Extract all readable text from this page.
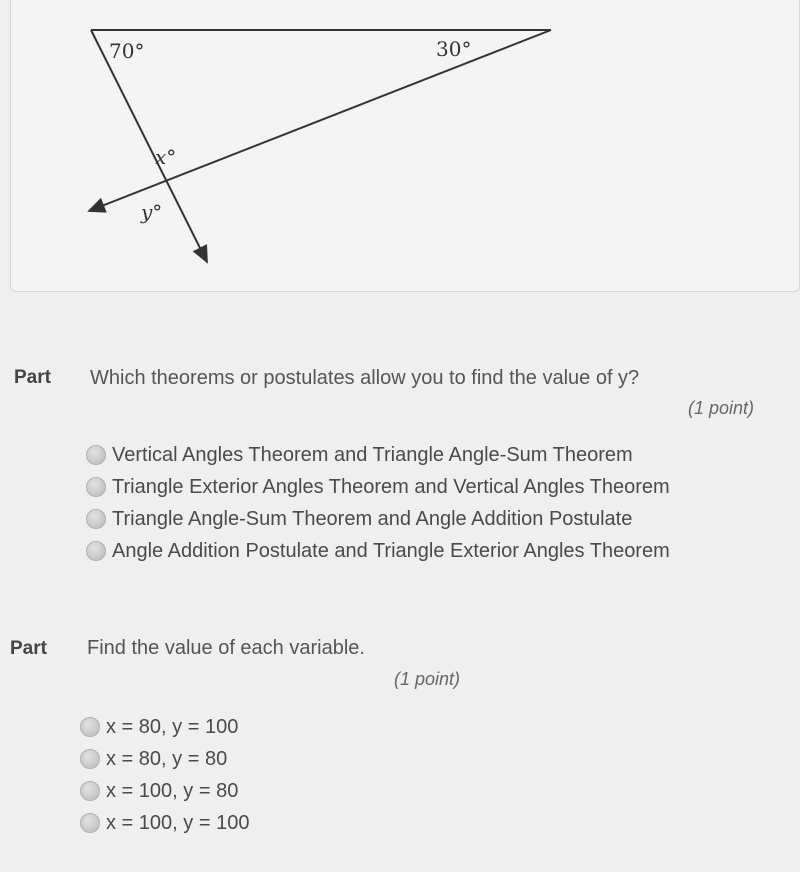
70°	30°
x°
y°
Part Which theorems or postulates allow you to find the value of y?
(1 point)
Vertical Angles Theorem and Triangle Angle-Sum Theorem
Triangle Exterior Angles Theorem and Vertical Angles Theorem
Triangle Angle-Sum Theorem and Angle Addition Postulate
Angle Addition Postulate and Triangle Exterior Angles Theorem
Part Find the value of each variable.
(1 point)
x = 80, y = 100
x = 80, y = 80
x = 100, y = 80
x = 100, y = 100
